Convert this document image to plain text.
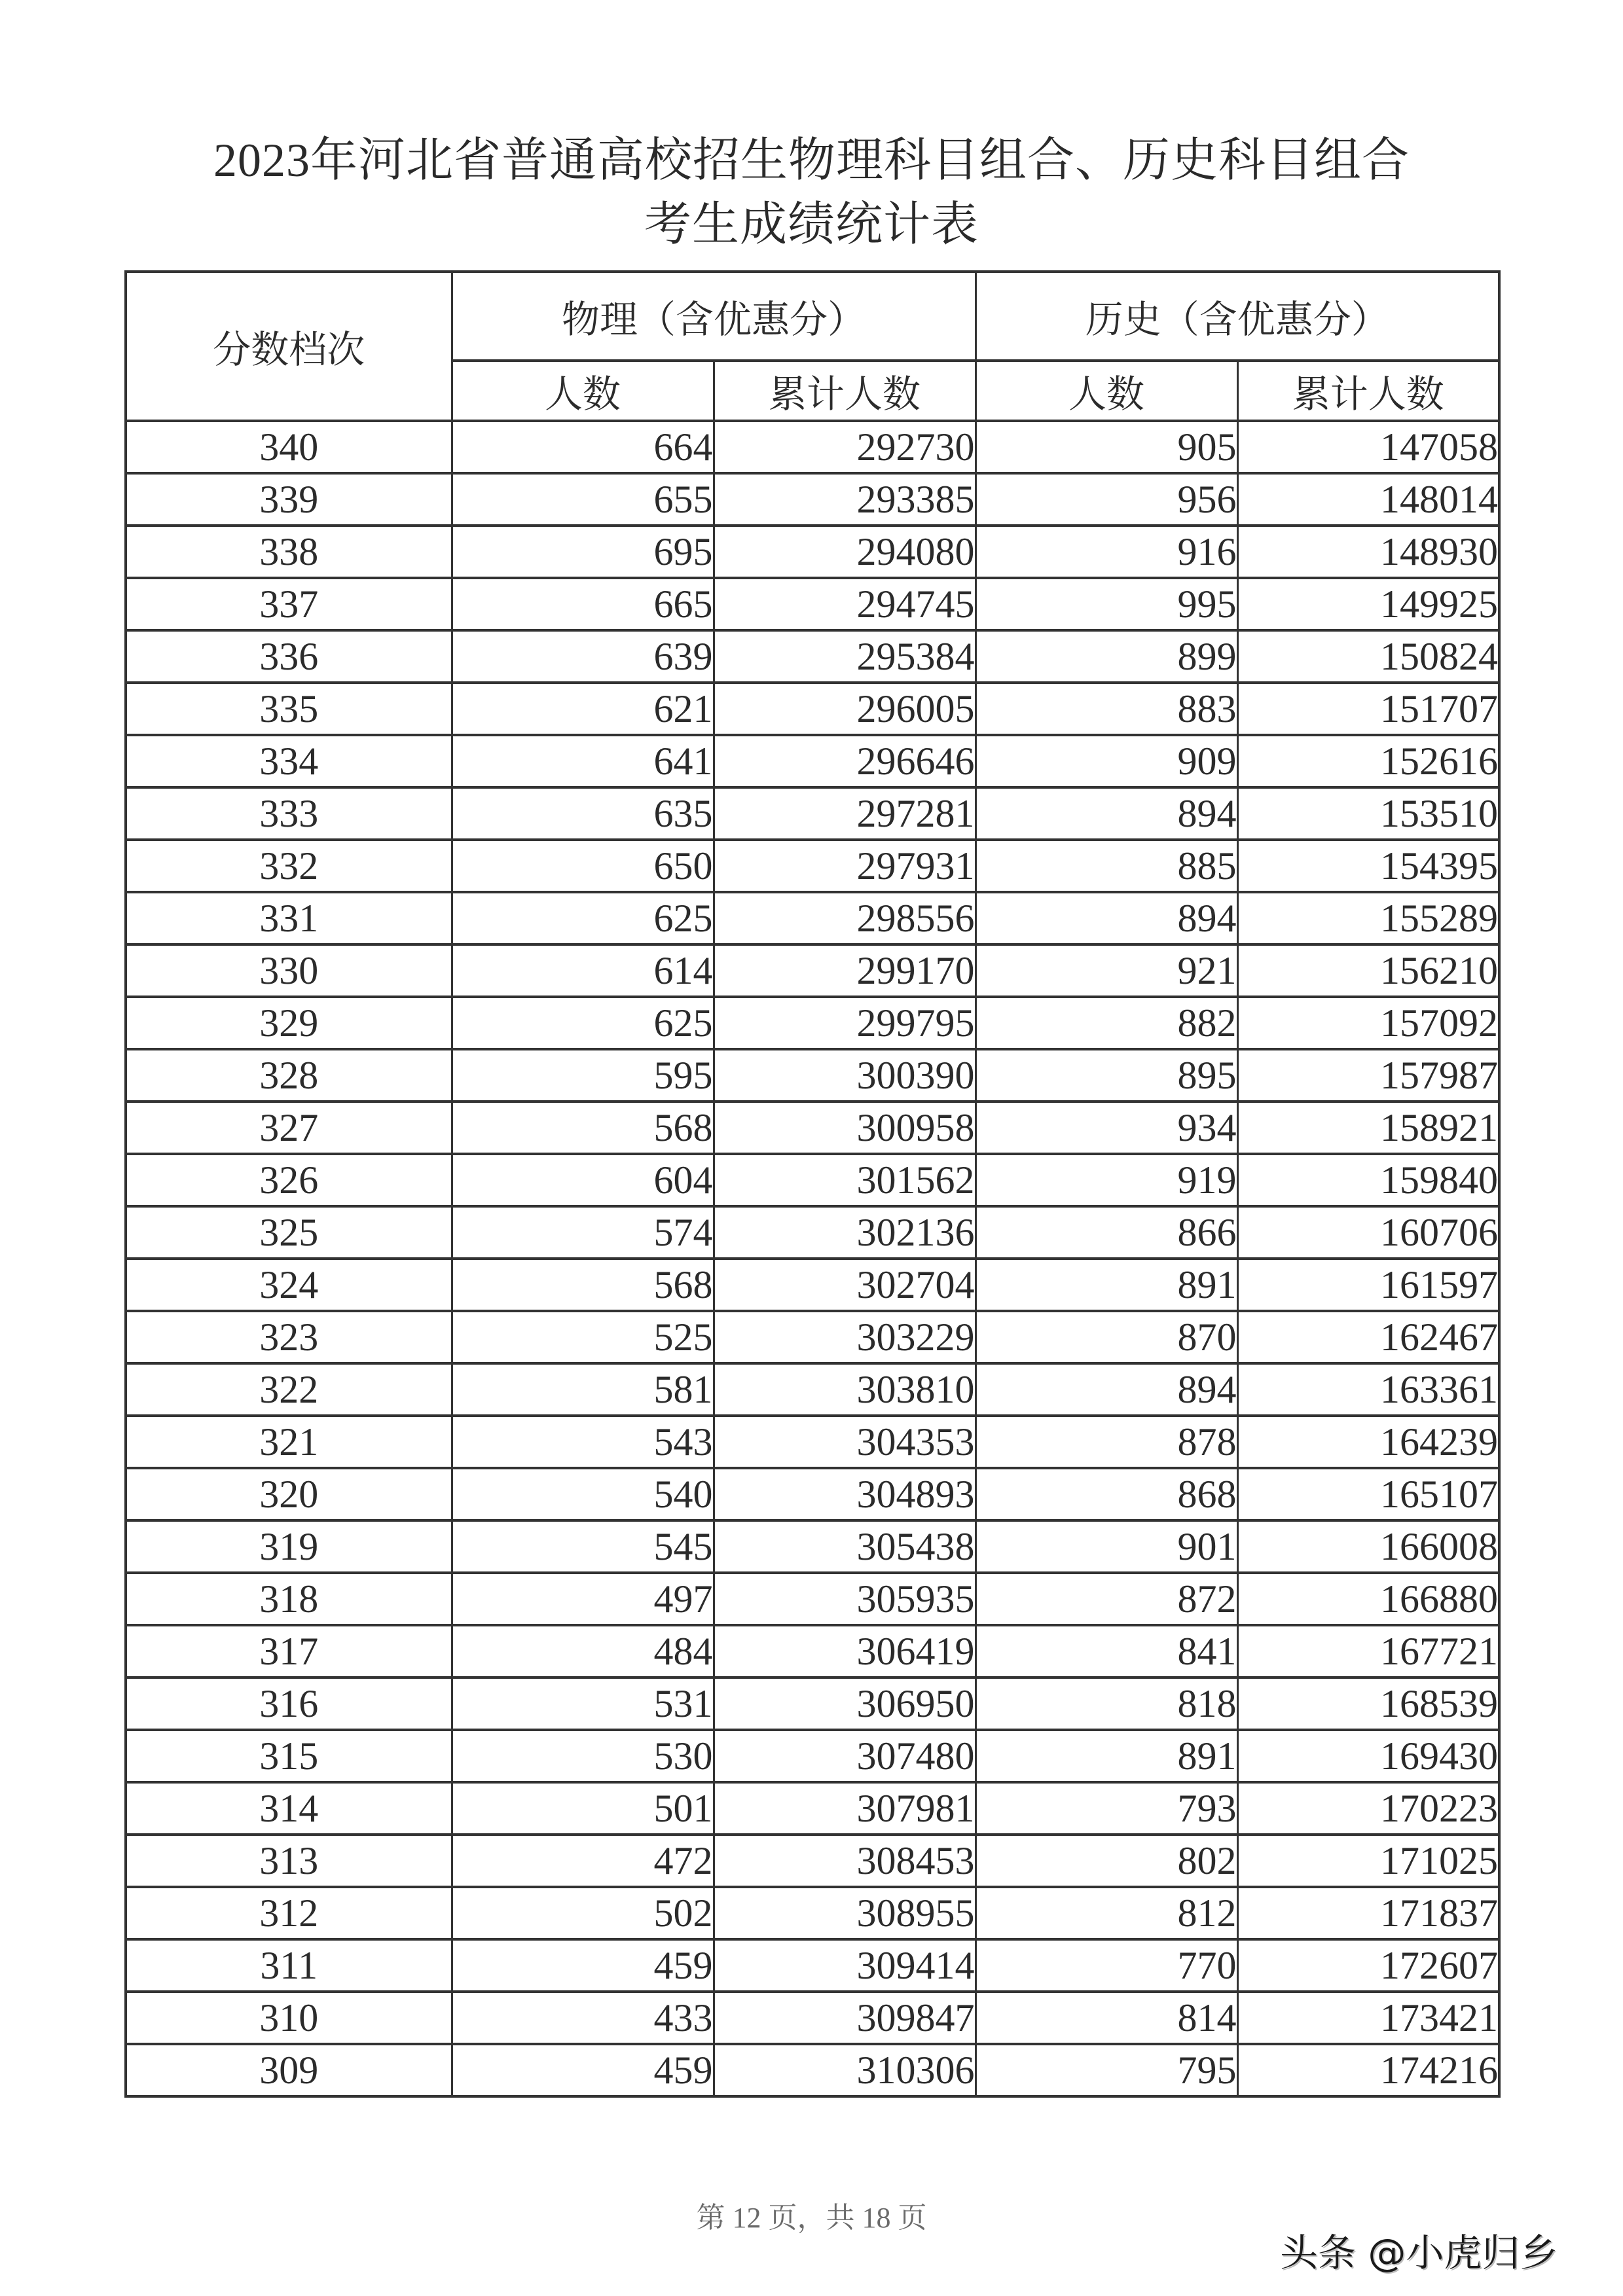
2023年河北省普通高校招生物理科目组合、历史科目组合
考生成绩统计表
分数档次	物理（含优惠分）		历史（含优惠分）	
	人数	累计人数	人数	累计人数
340	664	292730	905	147058
339	655	293385	956	148014
338	695	294080	916	148930
337	665	294745	995	149925
336	639	295384	899	150824
335	621	296005	883	151707
334	641	296646	909	152616
333	635	297281	894	153510
332	650	297931	885	154395
331	625	298556	894	155289
330	614	299170	921	156210
329	625	299795	882	157092
328	595	300390	895	157987
327	568	300958	934	158921
326	604	301562	919	159840
325	574	302136	866	160706
324	568	302704	891	161597
323	525	303229	870	162467
322	581	303810	894	163361
321	543	304353	878	164239
320	540	304893	868	165107
319	545	305438	901	166008
318	497	305935	872	166880
317	484	306419	841	167721
316	531	306950	818	168539
315	530	307480	891	169430
314	501	307981	793	170223
313	472	308453	802	171025
312	502	308955	812	171837
311	459	309414	770	172607
310	433	309847	814	173421
309	459	310306	795	174216
第 12 页，共 18 页
头条 @小虎归乡
